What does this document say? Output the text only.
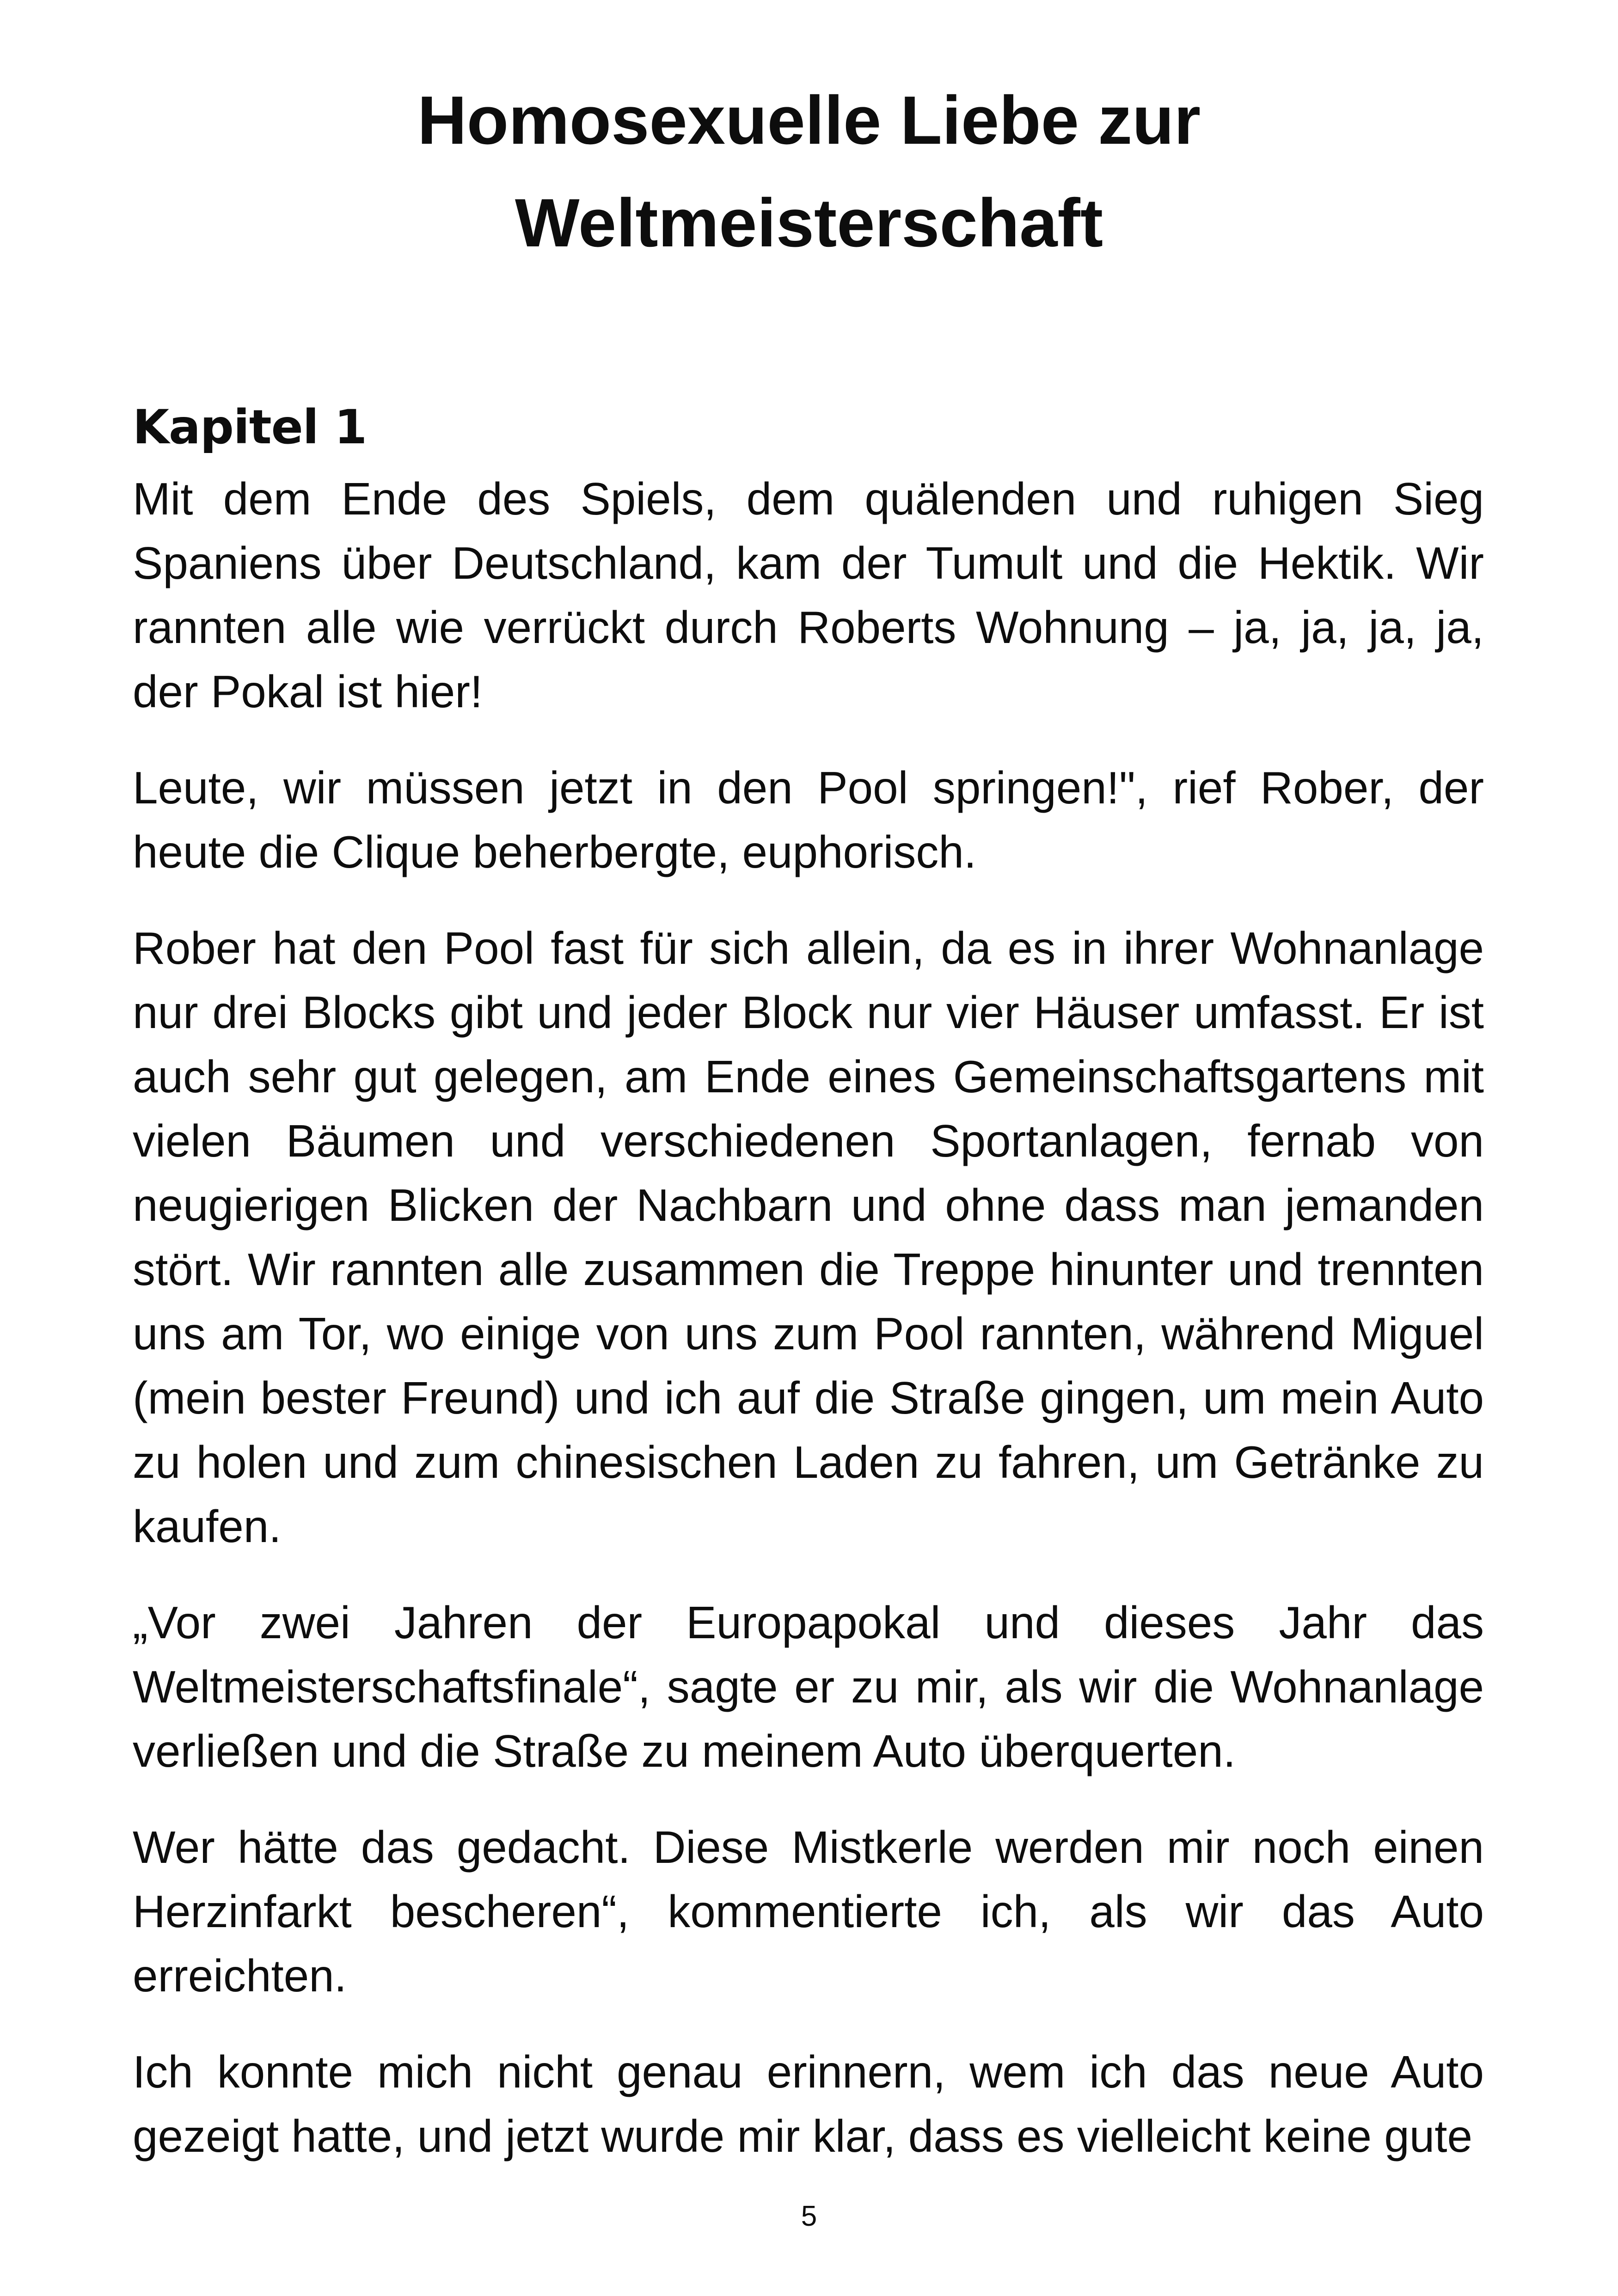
Homosexuelle Liebe zur
Weltmeisterschaft
Kapitel 1

Mit dem Ende des Spiels, dem quälenden und ruhigen Sieg Spaniens über Deutschland, kam der Tumult und die Hektik. Wir rannten alle wie verrückt durch Roberts Wohnung – ja, ja, ja, ja, der Pokal ist hier!

Leute, wir müssen jetzt in den Pool springen!", rief Rober, der heute die Clique beherbergte, euphorisch.

Rober hat den Pool fast für sich allein, da es in ihrer Wohnanlage nur drei Blocks gibt und jeder Block nur vier Häuser umfasst. Er ist auch sehr gut gelegen, am Ende eines Gemeinschaftsgartens mit vielen Bäumen und verschiedenen Sportanlagen, fernab von neugierigen Blicken der Nachbarn und ohne dass man jemanden stört. Wir rannten alle zusammen die Treppe hinunter und trennten uns am Tor, wo einige von uns zum Pool rannten, während Miguel (mein bester Freund) und ich auf die Straße gingen, um mein Auto zu holen und zum chinesischen Laden zu fahren, um Getränke zu kaufen.

„Vor zwei Jahren der Europapokal und dieses Jahr das Weltmeisterschaftsfinale“, sagte er zu mir, als wir die Wohnanlage verließen und die Straße zu meinem Auto überquerten.

Wer hätte das gedacht. Diese Mistkerle werden mir noch einen Herzinfarkt bescheren“, kommentierte ich, als wir das Auto erreichten.

Ich konnte mich nicht genau erinnern, wem ich das neue Auto gezeigt hatte, und jetzt wurde mir klar, dass es vielleicht keine gute

5
